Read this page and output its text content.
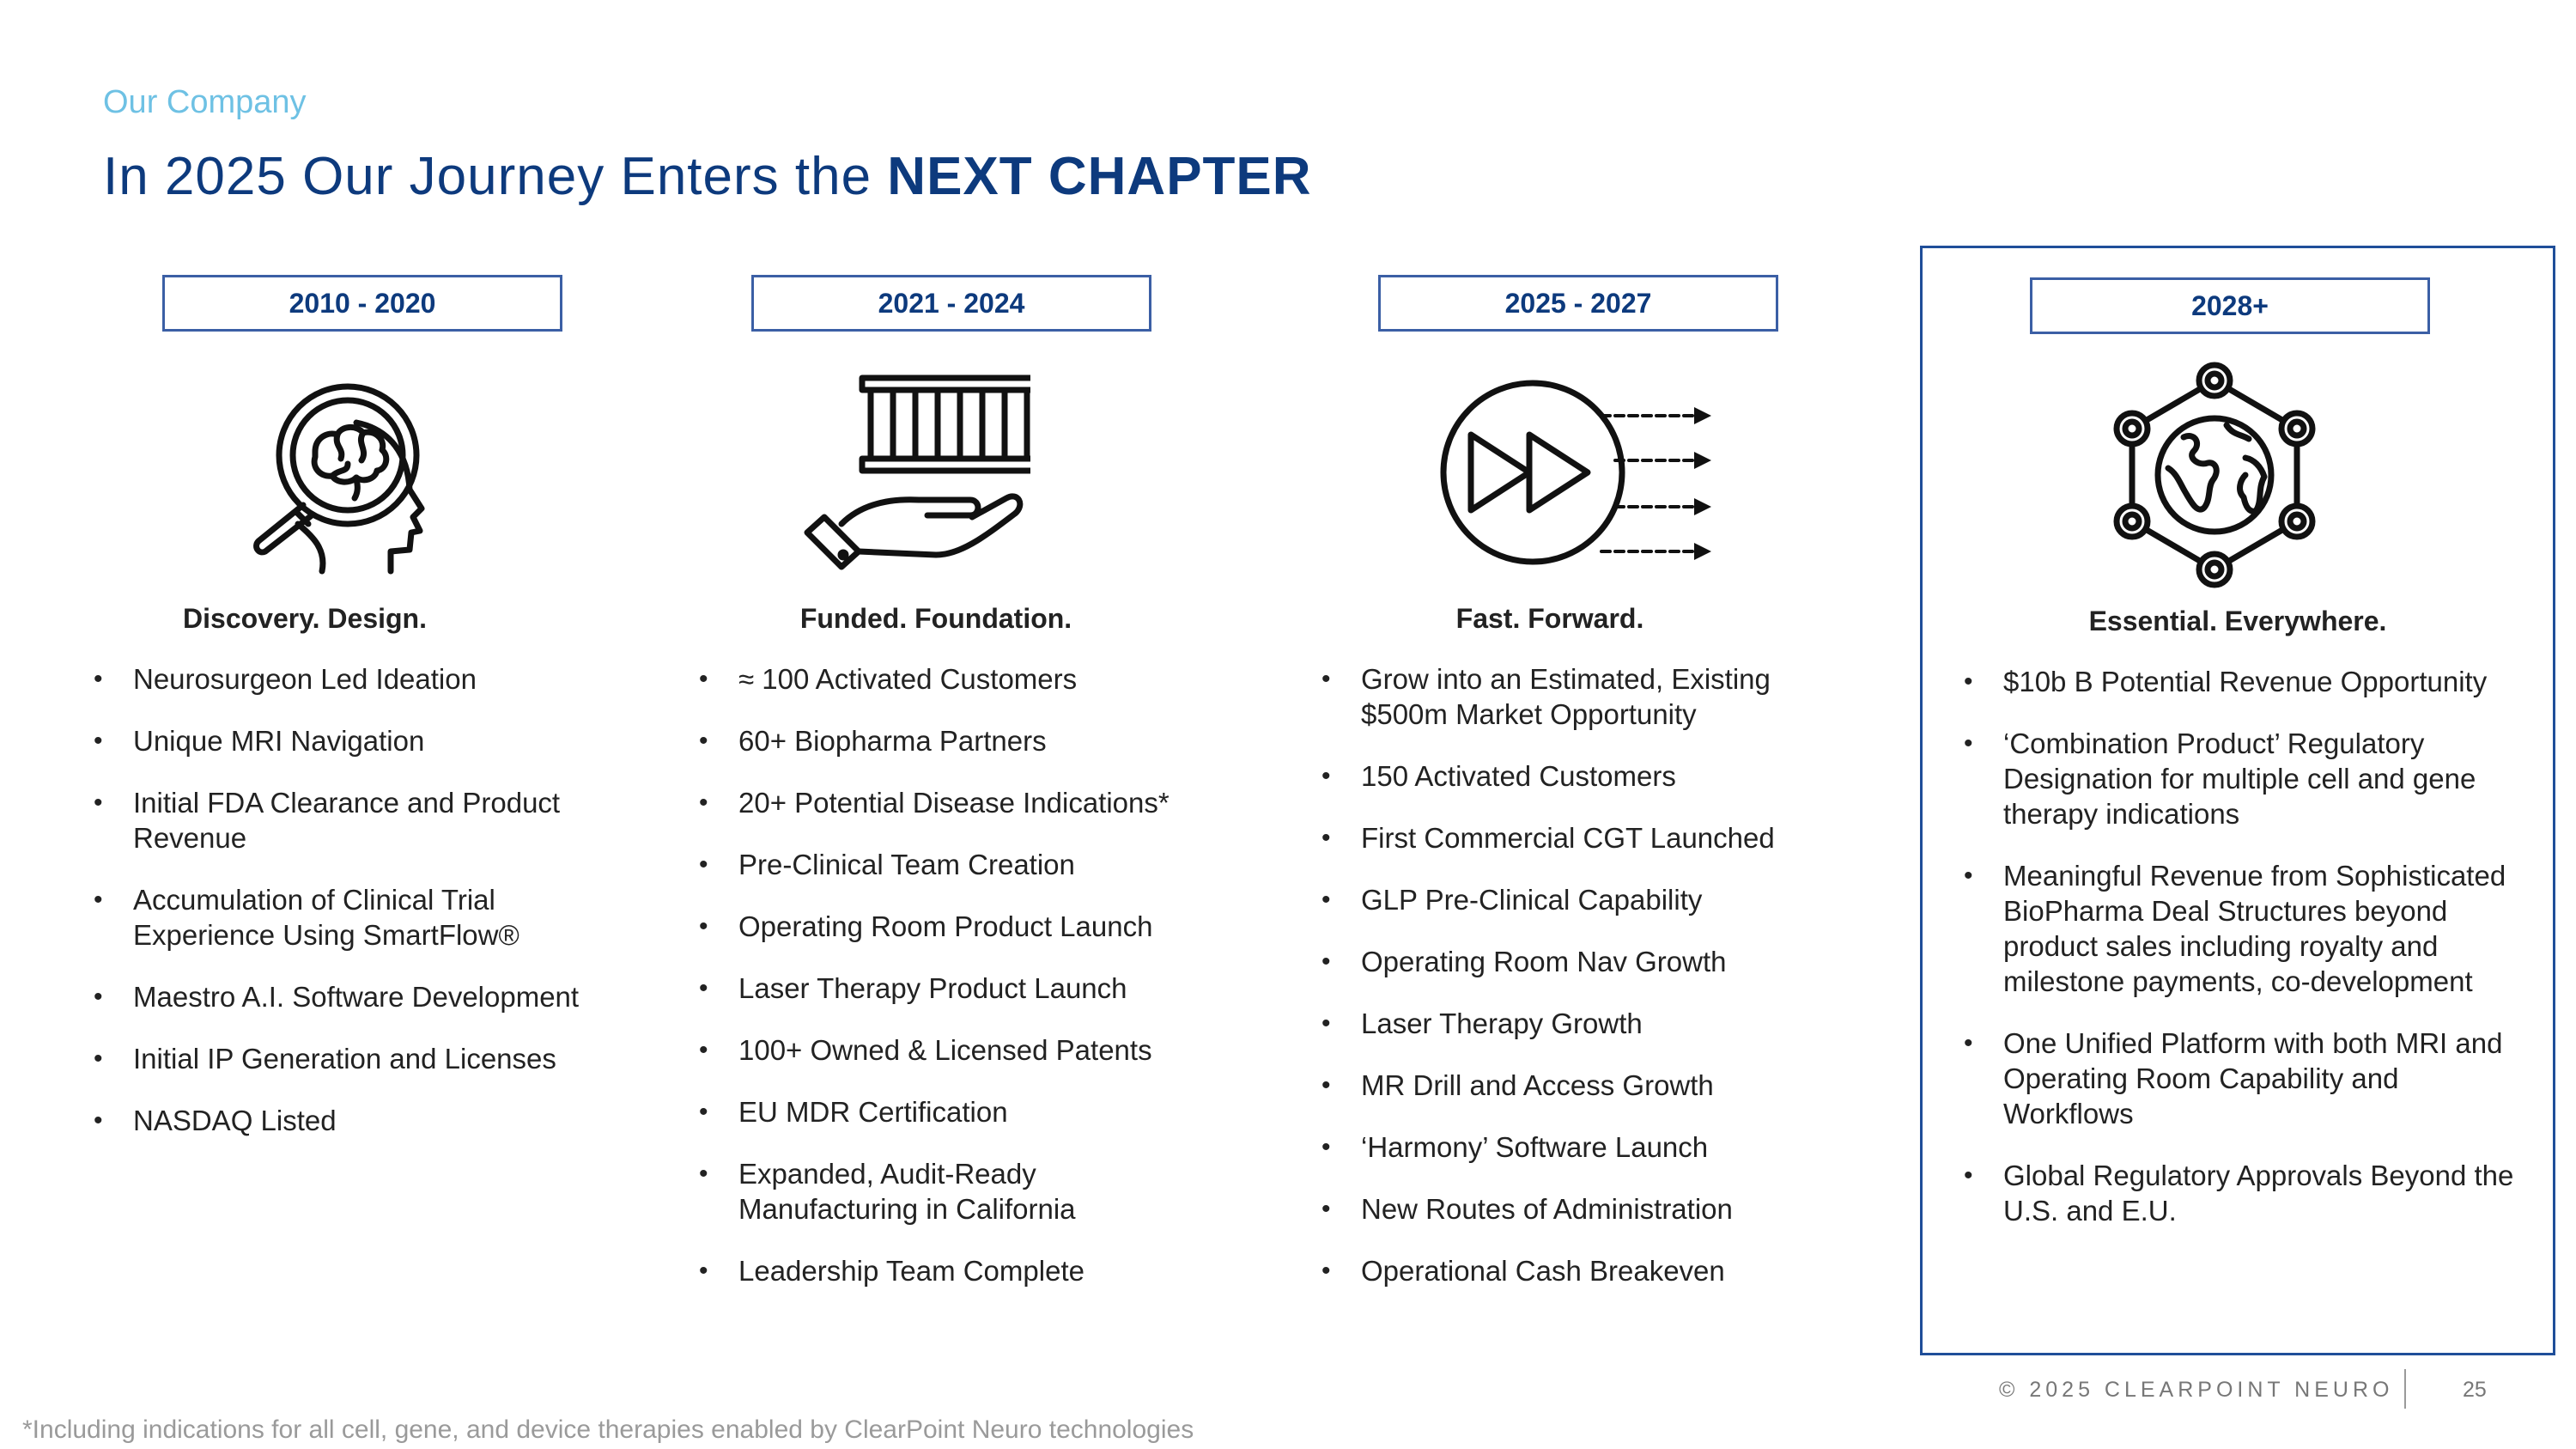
Our Company
In 2025 Our Journey Enters the NEXT CHAPTER
2010 - 2020
Discovery. Design.
• Neurosurgeon Led Ideation
• Unique MRI Navigation
• Initial FDA Clearance and Product Revenue
• Accumulation of Clinical Trial Experience Using SmartFlow®
• Maestro A.I. Software Development
• Initial IP Generation and Licenses
• NASDAQ Listed
2021 - 2024
Funded. Foundation.
• ≈ 100 Activated Customers
• 60+ Biopharma Partners
• 20+ Potential Disease Indications*
• Pre-Clinical Team Creation
• Operating Room Product Launch
• Laser Therapy Product Launch
• 100+ Owned & Licensed Patents
• EU MDR Certification
• Expanded, Audit-Ready Manufacturing in California
• Leadership Team Complete
2025 - 2027
Fast. Forward.
• Grow into an Estimated, Existing $500m Market Opportunity
• 150 Activated Customers
• First Commercial CGT Launched
• GLP Pre-Clinical Capability
• Operating Room Nav Growth
• Laser Therapy Growth
• MR Drill and Access Growth
• ‘Harmony’ Software Launch
• New Routes of Administration
• Operational Cash Breakeven
2028+
Essential. Everywhere.
• $10b B Potential Revenue Opportunity
• ‘Combination Product’ Regulatory Designation for multiple cell and gene therapy indications
• Meaningful Revenue from Sophisticated BioPharma Deal Structures beyond product sales including royalty and milestone payments, co-development
• One Unified Platform with both MRI and Operating Room Capability and Workflows
• Global Regulatory Approvals Beyond the U.S. and E.U.
*Including indications for all cell, gene, and device therapies enabled by ClearPoint Neuro technologies
© 2025 CLEARPOINT NEURO	25
